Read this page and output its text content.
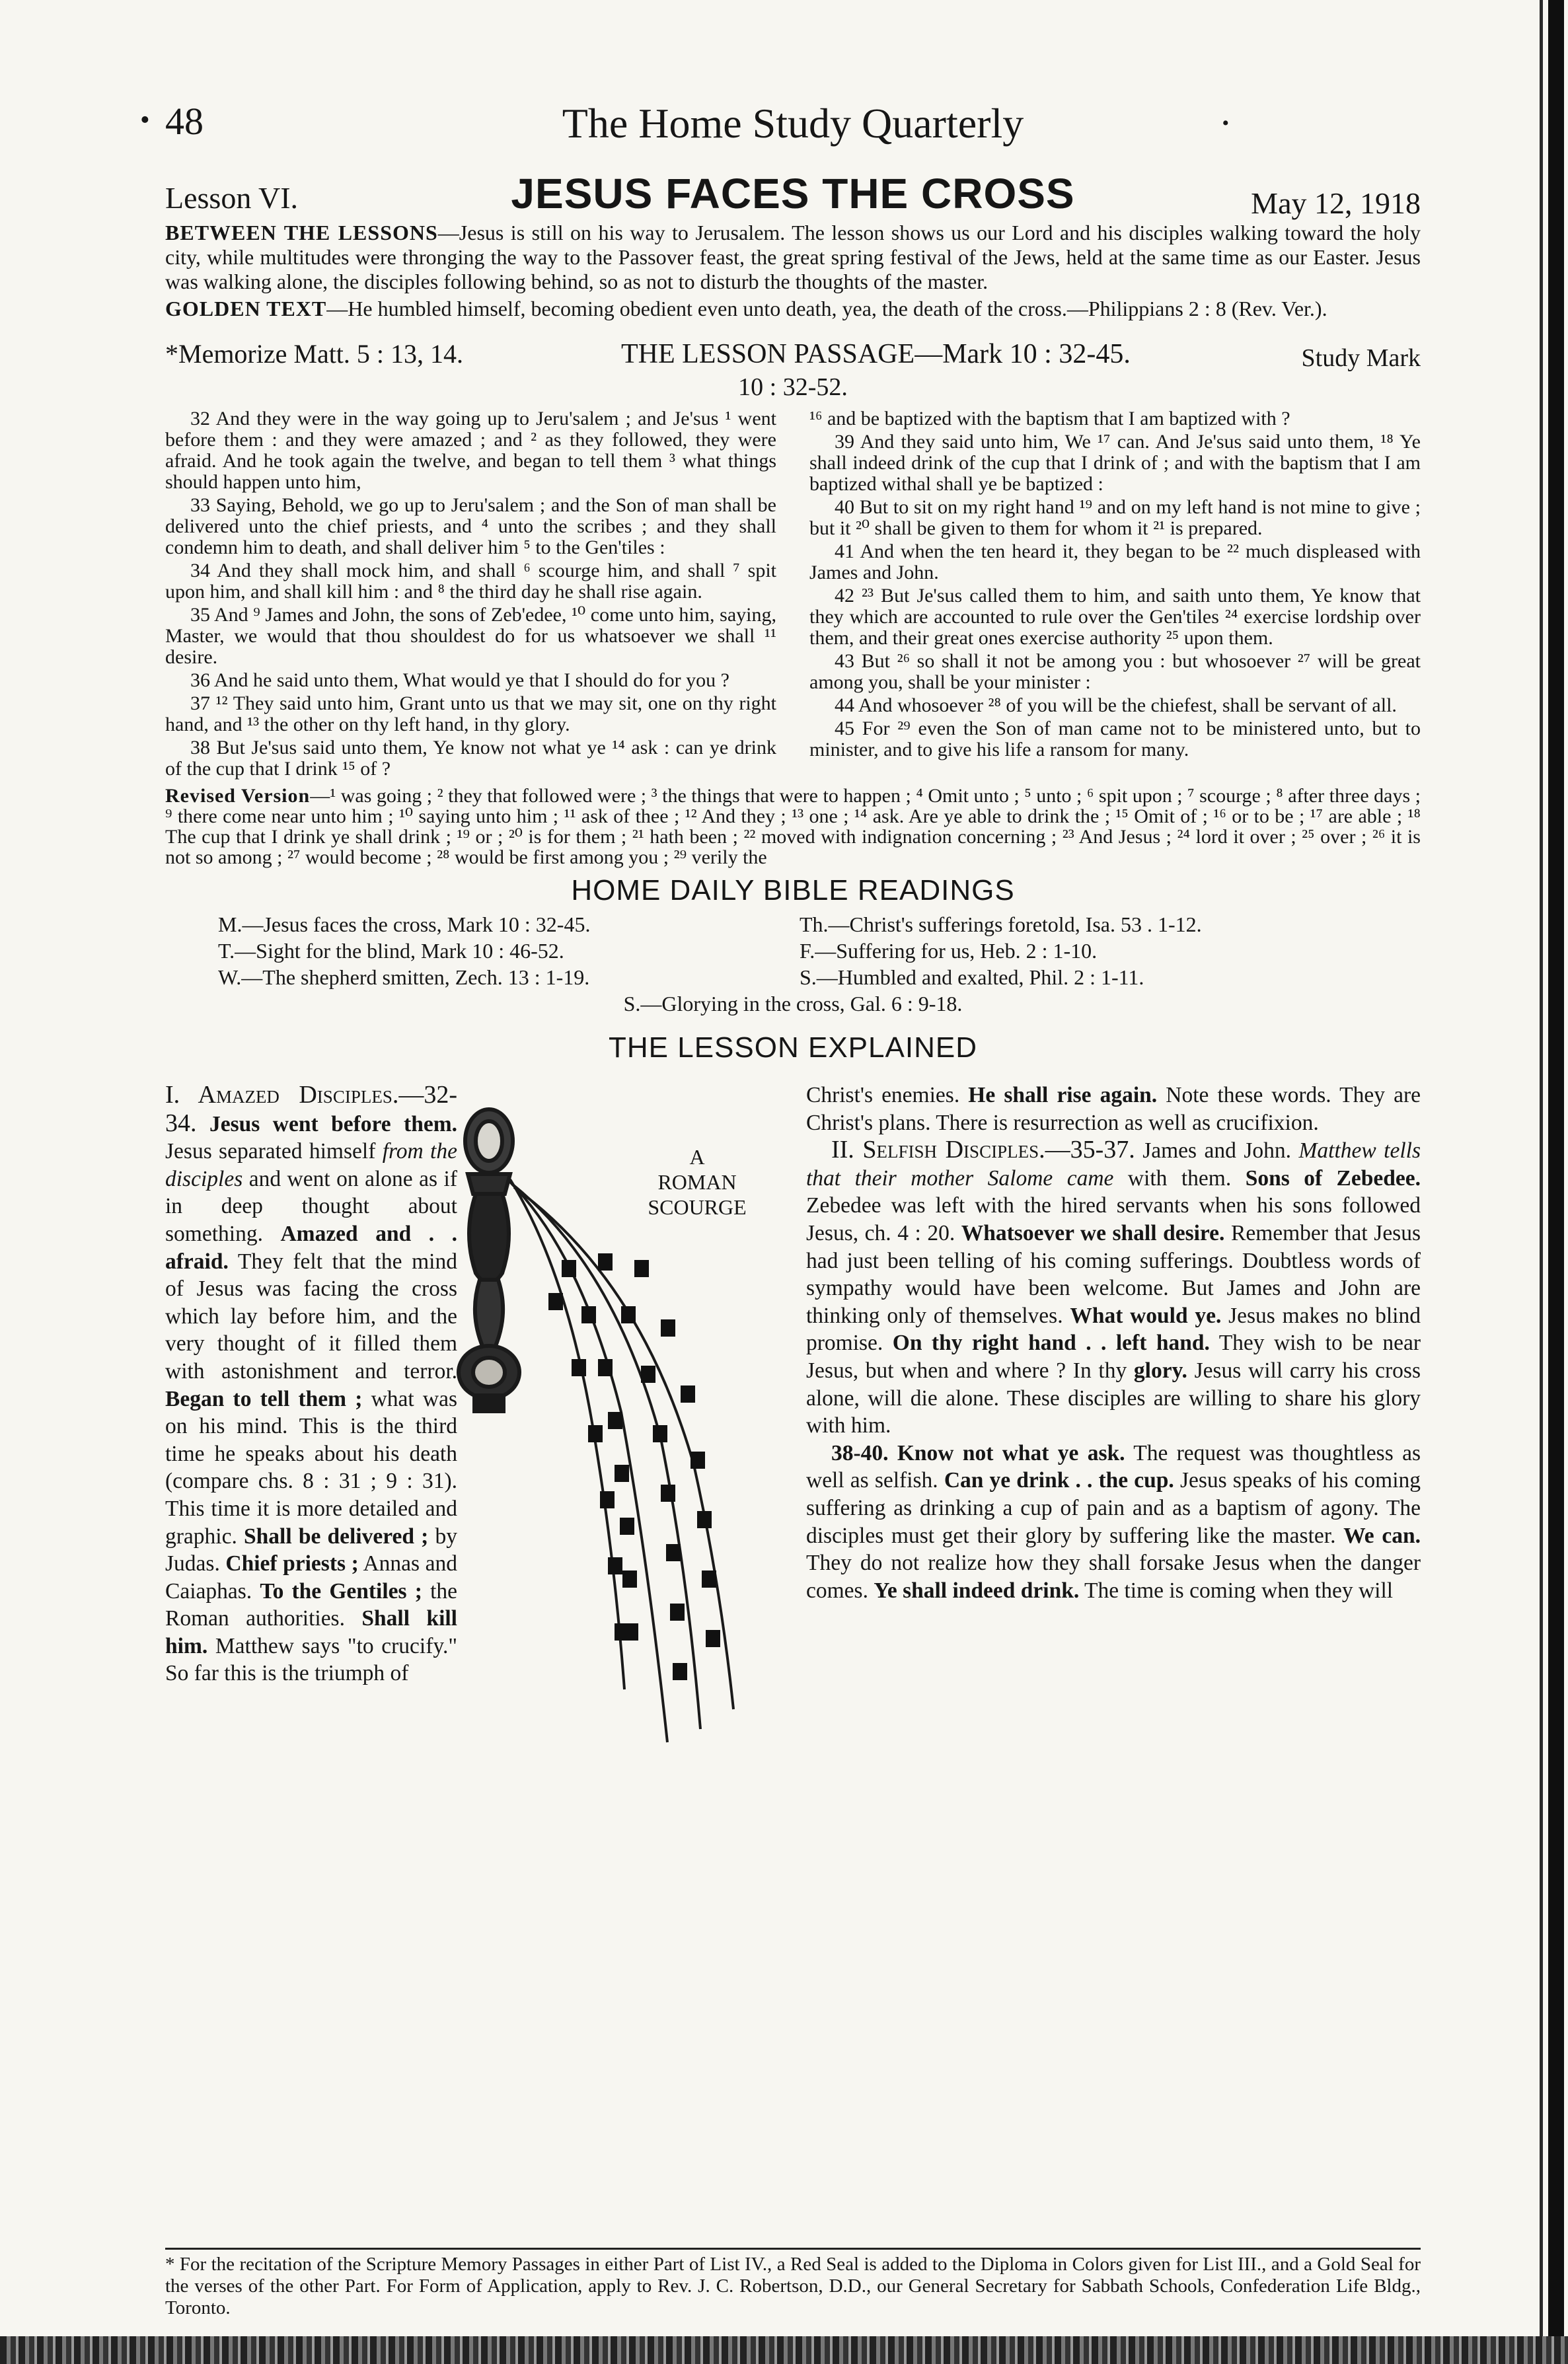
• 48	The Home Study Quarterly	•
Lesson VI.	JESUS FACES THE CROSS	May 12, 1918

BETWEEN THE LESSONS—Jesus is still on his way to Jerusalem. The lesson shows us our Lord and his disciples walking toward the holy city, while multitudes were thronging the way to the Passover feast, the great spring festival of the Jews, held at the same time as our Easter. Jesus was walking alone, the disciples following behind, so as not to disturb the thoughts of the master.

GOLDEN TEXT—He humbled himself, becoming obedient even unto death, yea, the death of the cross.—Philippians 2 : 8 (Rev. Ver.).

*Memorize Matt. 5 : 13, 14.	THE LESSON PASSAGE—Mark 10 : 32-45.	Study Mark
10 : 32-52.

32 And they were in the way going up to Jeru'salem ; and Je'sus ¹ went before them : and they were amazed ; and ² as they followed, they were afraid. And he took again the twelve, and began to tell them ³ what things should happen unto him,

33 Saying, Behold, we go up to Jeru'salem ; and the Son of man shall be delivered unto the chief priests, and ⁴ unto the scribes ; and they shall condemn him to death, and shall deliver him ⁵ to the Gen'tiles :

34 And they shall mock him, and shall ⁶ scourge him, and shall ⁷ spit upon him, and shall kill him : and ⁸ the third day he shall rise again.

35 And ⁹ James and John, the sons of Zeb'edee, ¹⁰ come unto him, saying, Master, we would that thou shouldest do for us whatsoever we shall ¹¹ desire.

36 And he said unto them, What would ye that I should do for you ?

37 ¹² They said unto him, Grant unto us that we may sit, one on thy right hand, and ¹³ the other on thy left hand, in thy glory.

38 But Je'sus said unto them, Ye know not what ye ¹⁴ ask : can ye drink of the cup that I drink ¹⁵ of ?

¹⁶ and be baptized with the baptism that I am baptized with ?

39 And they said unto him, We ¹⁷ can. And Je'sus said unto them, ¹⁸ Ye shall indeed drink of the cup that I drink of ; and with the baptism that I am baptized withal shall ye be baptized :

40 But to sit on my right hand ¹⁹ and on my left hand is not mine to give ; but it ²⁰ shall be given to them for whom it ²¹ is prepared.

41 And when the ten heard it, they began to be ²² much displeased with James and John.

42 ²³ But Je'sus called them to him, and saith unto them, Ye know that they which are accounted to rule over the Gen'tiles ²⁴ exercise lordship over them, and their great ones exercise authority ²⁵ upon them.

43 But ²⁶ so shall it not be among you : but whosoever ²⁷ will be great among you, shall be your minister :

44 And whosoever ²⁸ of you will be the chiefest, shall be servant of all.

45 For ²⁹ even the Son of man came not to be ministered unto, but to minister, and to give his life a ransom for many.

Revised Version—¹ was going ; ² they that followed were ; ³ the things that were to happen ; ⁴ Omit unto ; ⁵ unto ; ⁶ spit upon ; ⁷ scourge ; ⁸ after three days ; ⁹ there come near unto him ; ¹⁰ saying unto him ; ¹¹ ask of thee ; ¹² And they ; ¹³ one ; ¹⁴ ask. Are ye able to drink the ; ¹⁵ Omit of ; ¹⁶ or to be ; ¹⁷ are able ; ¹⁸ The cup that I drink ye shall drink ; ¹⁹ or ; ²⁰ is for them ; ²¹ hath been ; ²² moved with indignation concerning ; ²³ And Jesus ; ²⁴ lord it over ; ²⁵ over ; ²⁶ it is not so among ; ²⁷ would become ; ²⁸ would be first among you ; ²⁹ verily the

HOME DAILY BIBLE READINGS
M.—Jesus faces the cross, Mark 10 : 32-45.	Th.—Christ's sufferings foretold, Isa. 53 . 1-12.
T.—Sight for the blind, Mark 10 : 46-52.	F.—Suffering for us, Heb. 2 : 1-10.
W.—The shepherd smitten, Zech. 13 : 1-19.	S.—Humbled and exalted, Phil. 2 : 1-11.
S.—Glorying in the cross, Gal. 6 : 9-18.
THE LESSON EXPLAINED

I. Amazed Disciples.—32-34. Jesus went before them. Jesus separated himself from the disciples and went on alone as if in deep thought about something. Amazed and . . afraid. They felt that the mind of Jesus was facing the cross which lay before him, and the very thought of it filled them with astonishment and terror. Began to tell them ; what was on his mind. This is the third time he speaks about his death (compare chs. 8 : 31 ; 9 : 31). This time it is more detailed and graphic. Shall be delivered ; by Judas. Chief priests ; Annas and Caiaphas. To the Gentiles ; the Roman authorities. Shall kill him. Matthew says "to crucify." So far this is the triumph of

A
ROMAN
SCOURGE

Christ's enemies. He shall rise again. Note these words. They are Christ's plans. There is resurrection as well as crucifixion.

II. Selfish Disciples.—35-37. James and John. Matthew tells that their mother Salome came with them. Sons of Zebedee. Zebedee was left with the hired servants when his sons followed Jesus, ch. 4 : 20. Whatsoever we shall desire. Remember that Jesus had just been telling of his coming sufferings. Doubtless words of sympathy would have been welcome. But James and John are thinking only of themselves. What would ye. Jesus makes no blind promise. On thy right hand . . left hand. They wish to be near Jesus, but when and where ? In thy glory. Jesus will carry his cross alone, will die alone. These disciples are willing to share his glory with him.

38-40. Know not what ye ask. The request was thoughtless as well as selfish. Can ye drink . . the cup. Jesus speaks of his coming suffering as drinking a cup of pain and as a baptism of agony. The disciples must get their glory by suffering like the master. We can. They do not realize how they shall forsake Jesus when the danger comes. Ye shall indeed drink. The time is coming when they will

* For the recitation of the Scripture Memory Passages in either Part of List IV., a Red Seal is added to the Diploma in Colors given for List III., and a Gold Seal for the verses of the other Part. For Form of Application, apply to Rev. J. C. Robertson, D.D., our General Secretary for Sabbath Schools, Confederation Life Bldg., Toronto.
